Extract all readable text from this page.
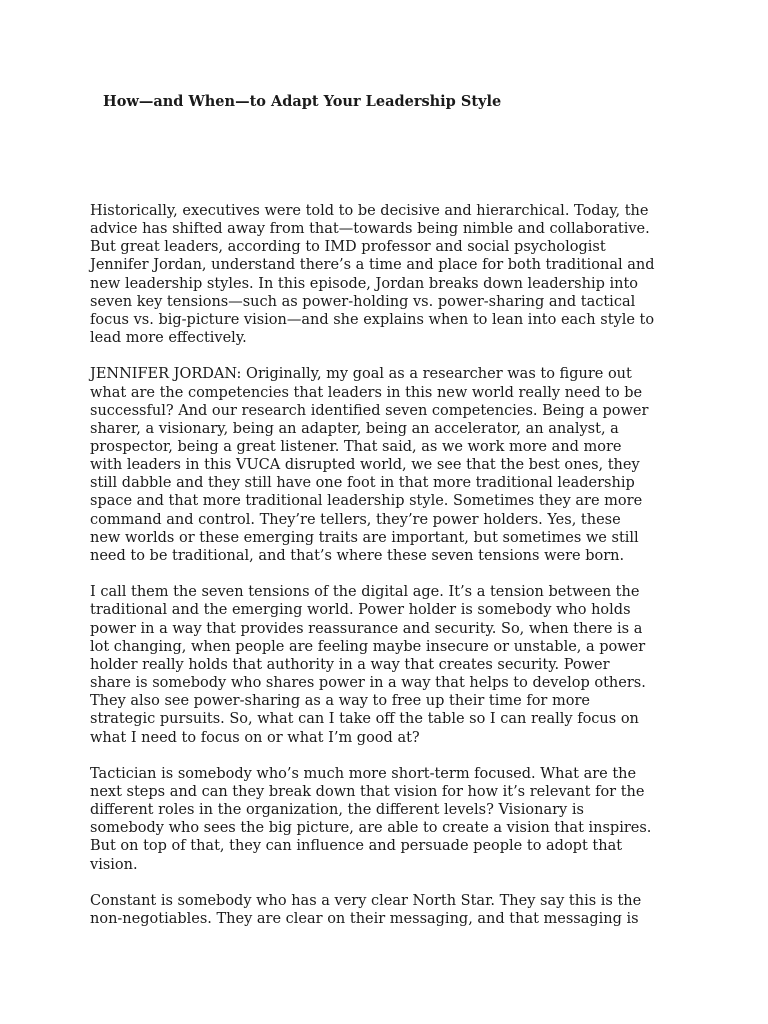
How—and When—to Adapt Your Leadership Style

Historically, executives were told to be decisive and hierarchical. Today, the
advice has shifted away from that—towards being nimble and collaborative.
But great leaders, according to IMD professor and social psychologist
Jennifer Jordan, understand there’s a time and place for both traditional and
new leadership styles. In this episode, Jordan breaks down leadership into
seven key tensions—such as power-holding vs. power-sharing and tactical
focus vs. big-picture vision—and she explains when to lean into each style to
lead more effectively.

JENNIFER JORDAN: Originally, my goal as a researcher was to figure out
what are the competencies that leaders in this new world really need to be
successful? And our research identified seven competencies. Being a power
sharer, a visionary, being an adapter, being an accelerator, an analyst, a
prospector, being a great listener. That said, as we work more and more
with leaders in this VUCA disrupted world, we see that the best ones, they
still dabble and they still have one foot in that more traditional leadership
space and that more traditional leadership style. Sometimes they are more
command and control. They’re tellers, they’re power holders. Yes, these
new worlds or these emerging traits are important, but sometimes we still
need to be traditional, and that’s where these seven tensions were born.

I call them the seven tensions of the digital age. It’s a tension between the
traditional and the emerging world. Power holder is somebody who holds
power in a way that provides reassurance and security. So, when there is a
lot changing, when people are feeling maybe insecure or unstable, a power
holder really holds that authority in a way that creates security. Power
share is somebody who shares power in a way that helps to develop others.
They also see power-sharing as a way to free up their time for more
strategic pursuits. So, what can I take off the table so I can really focus on
what I need to focus on or what I’m good at?

Tactician is somebody who’s much more short-term focused. What are the
next steps and can they break down that vision for how it’s relevant for the
different roles in the organization, the different levels? Visionary is
somebody who sees the big picture, are able to create a vision that inspires.
But on top of that, they can influence and persuade people to adopt that
vision.

Constant is somebody who has a very clear North Star. They say this is the
non-negotiables. They are clear on their messaging, and that messaging is
